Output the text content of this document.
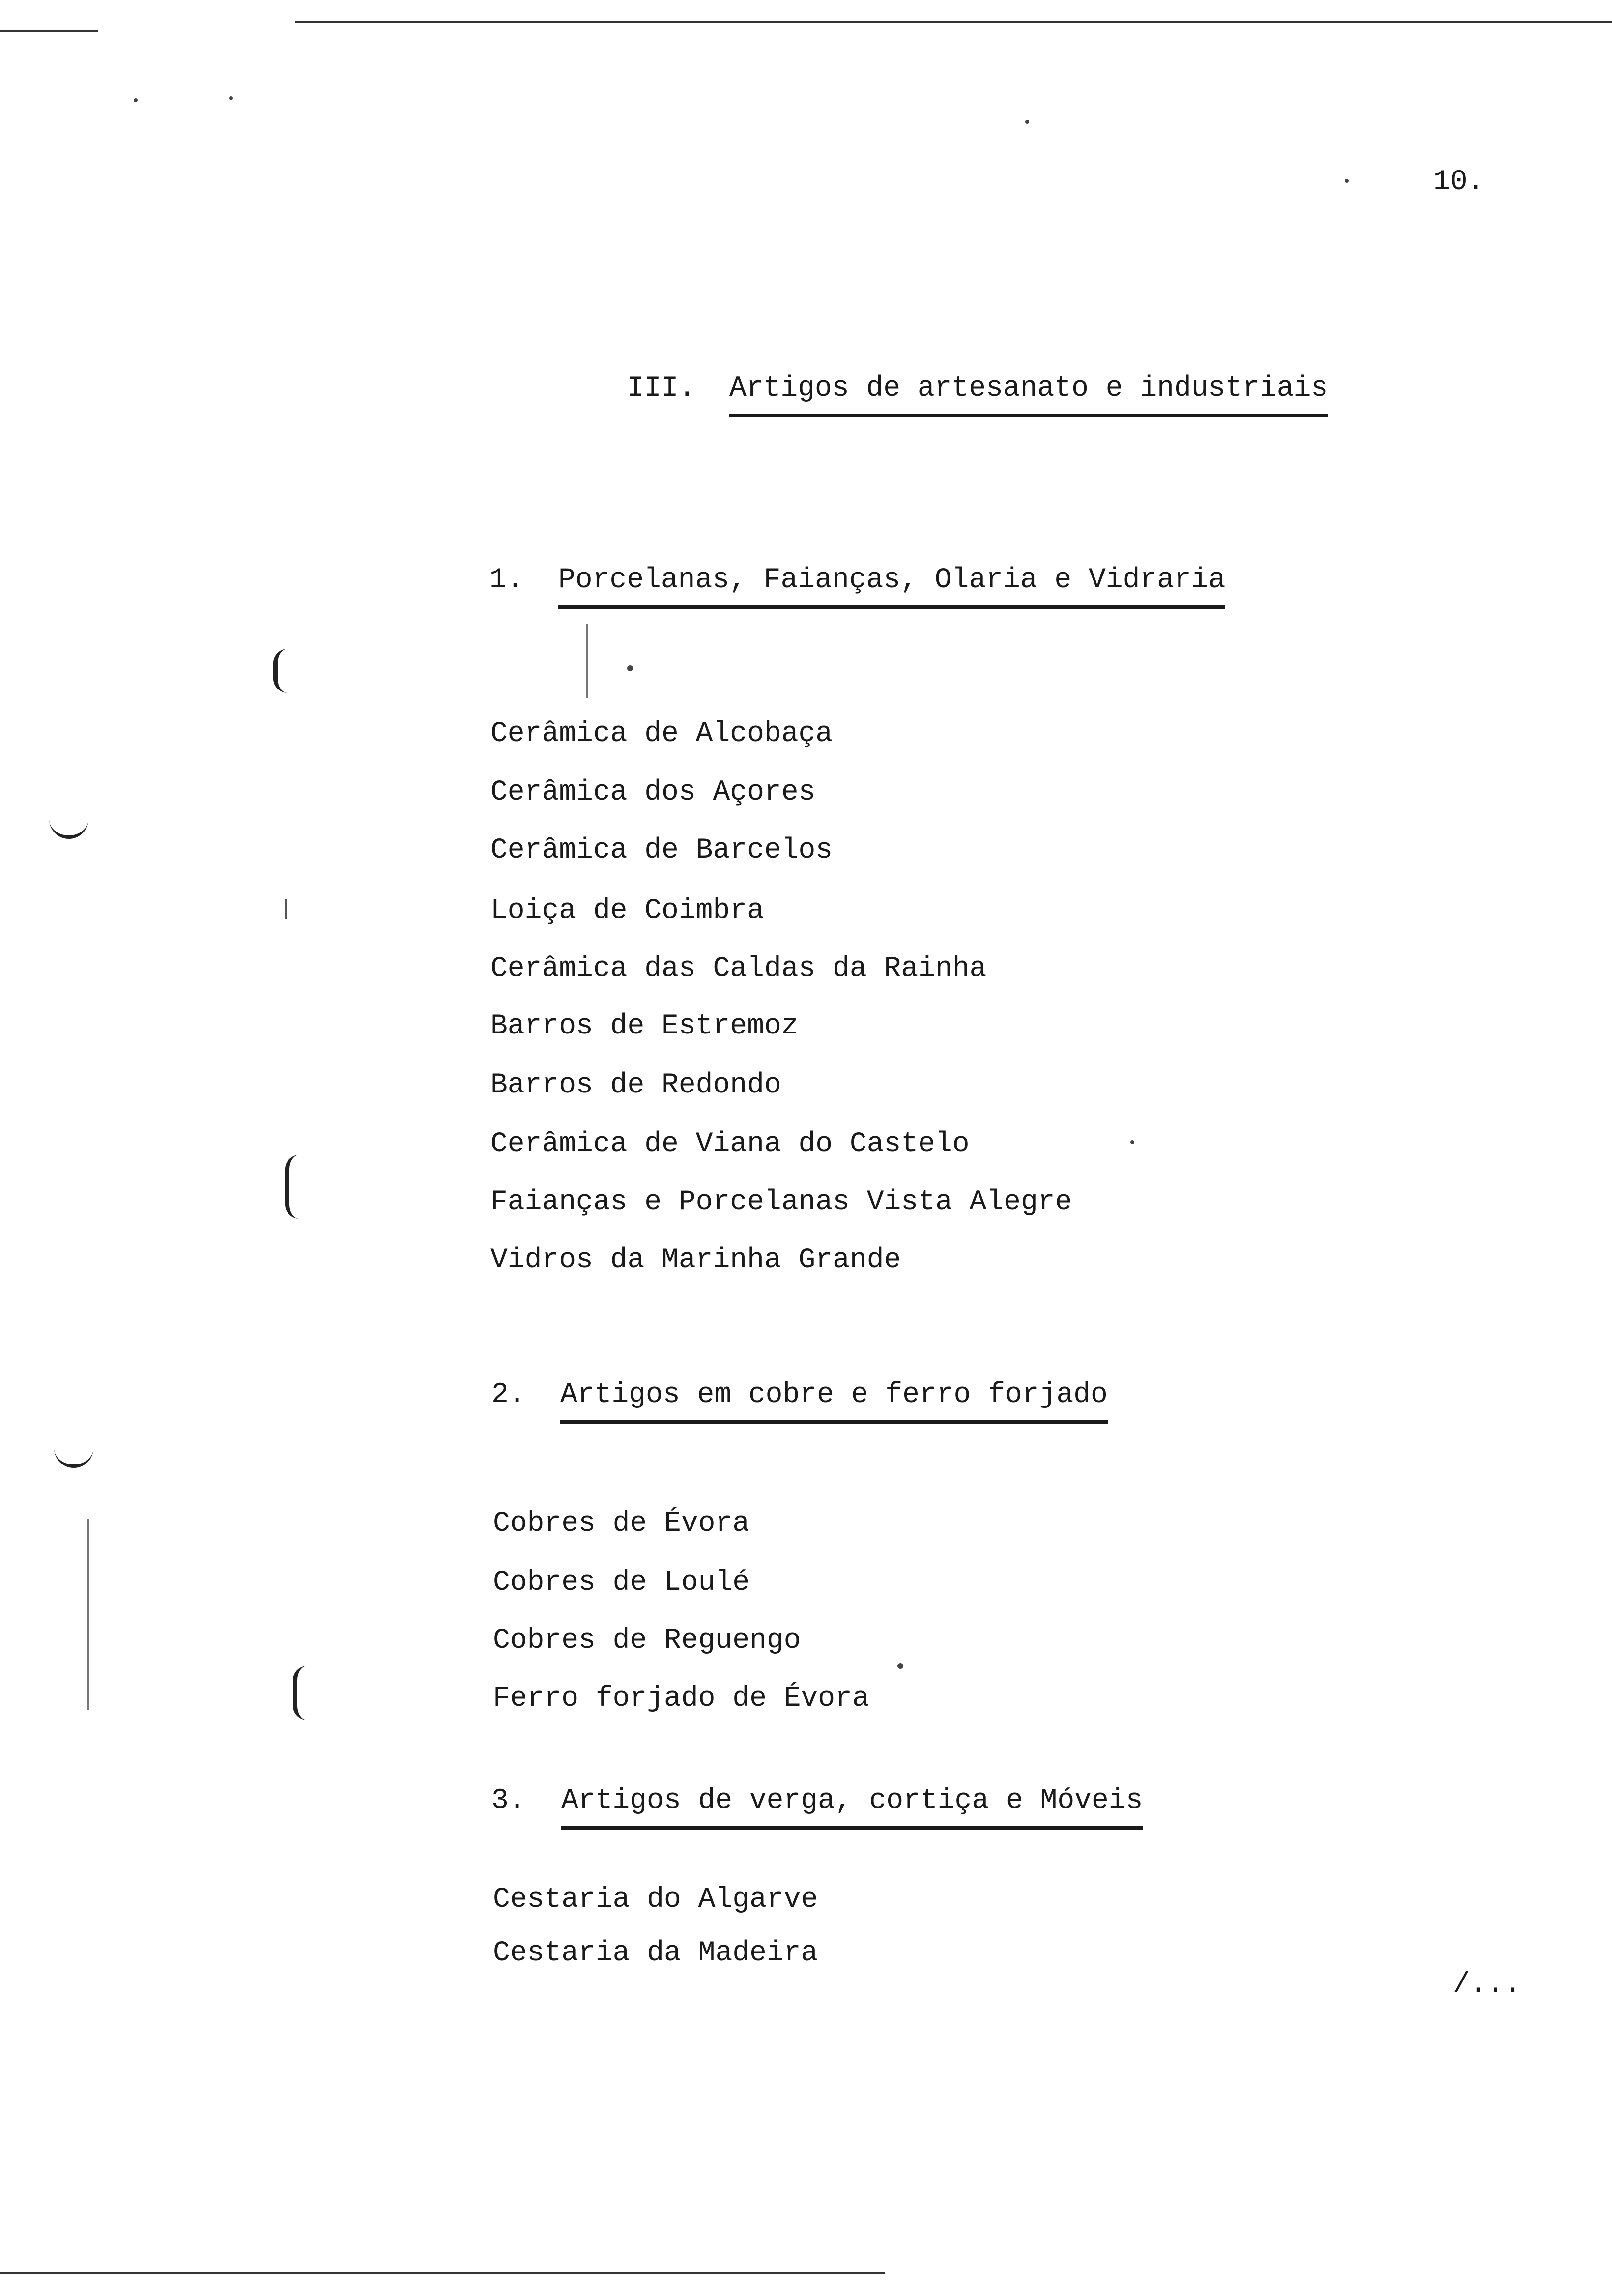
10.
III. Artigos de artesanato e industriais
1. Porcelanas, Faianças, Olaria e Vidraria
Cerâmica de Alcobaça
Cerâmica dos Açores
Cerâmica de Barcelos
Loiça de Coimbra
Cerâmica das Caldas da Rainha
Barros de Estremoz
Barros de Redondo
Cerâmica de Viana do Castelo
Faianças e Porcelanas Vista Alegre
Vidros da Marinha Grande
2. Artigos em cobre e ferro forjado
Cobres de Évora
Cobres de Loulé
Cobres de Reguengo
Ferro forjado de Évora
3. Artigos de verga, cortiça e Móveis
Cestaria do Algarve
Cestaria da Madeira
/...
